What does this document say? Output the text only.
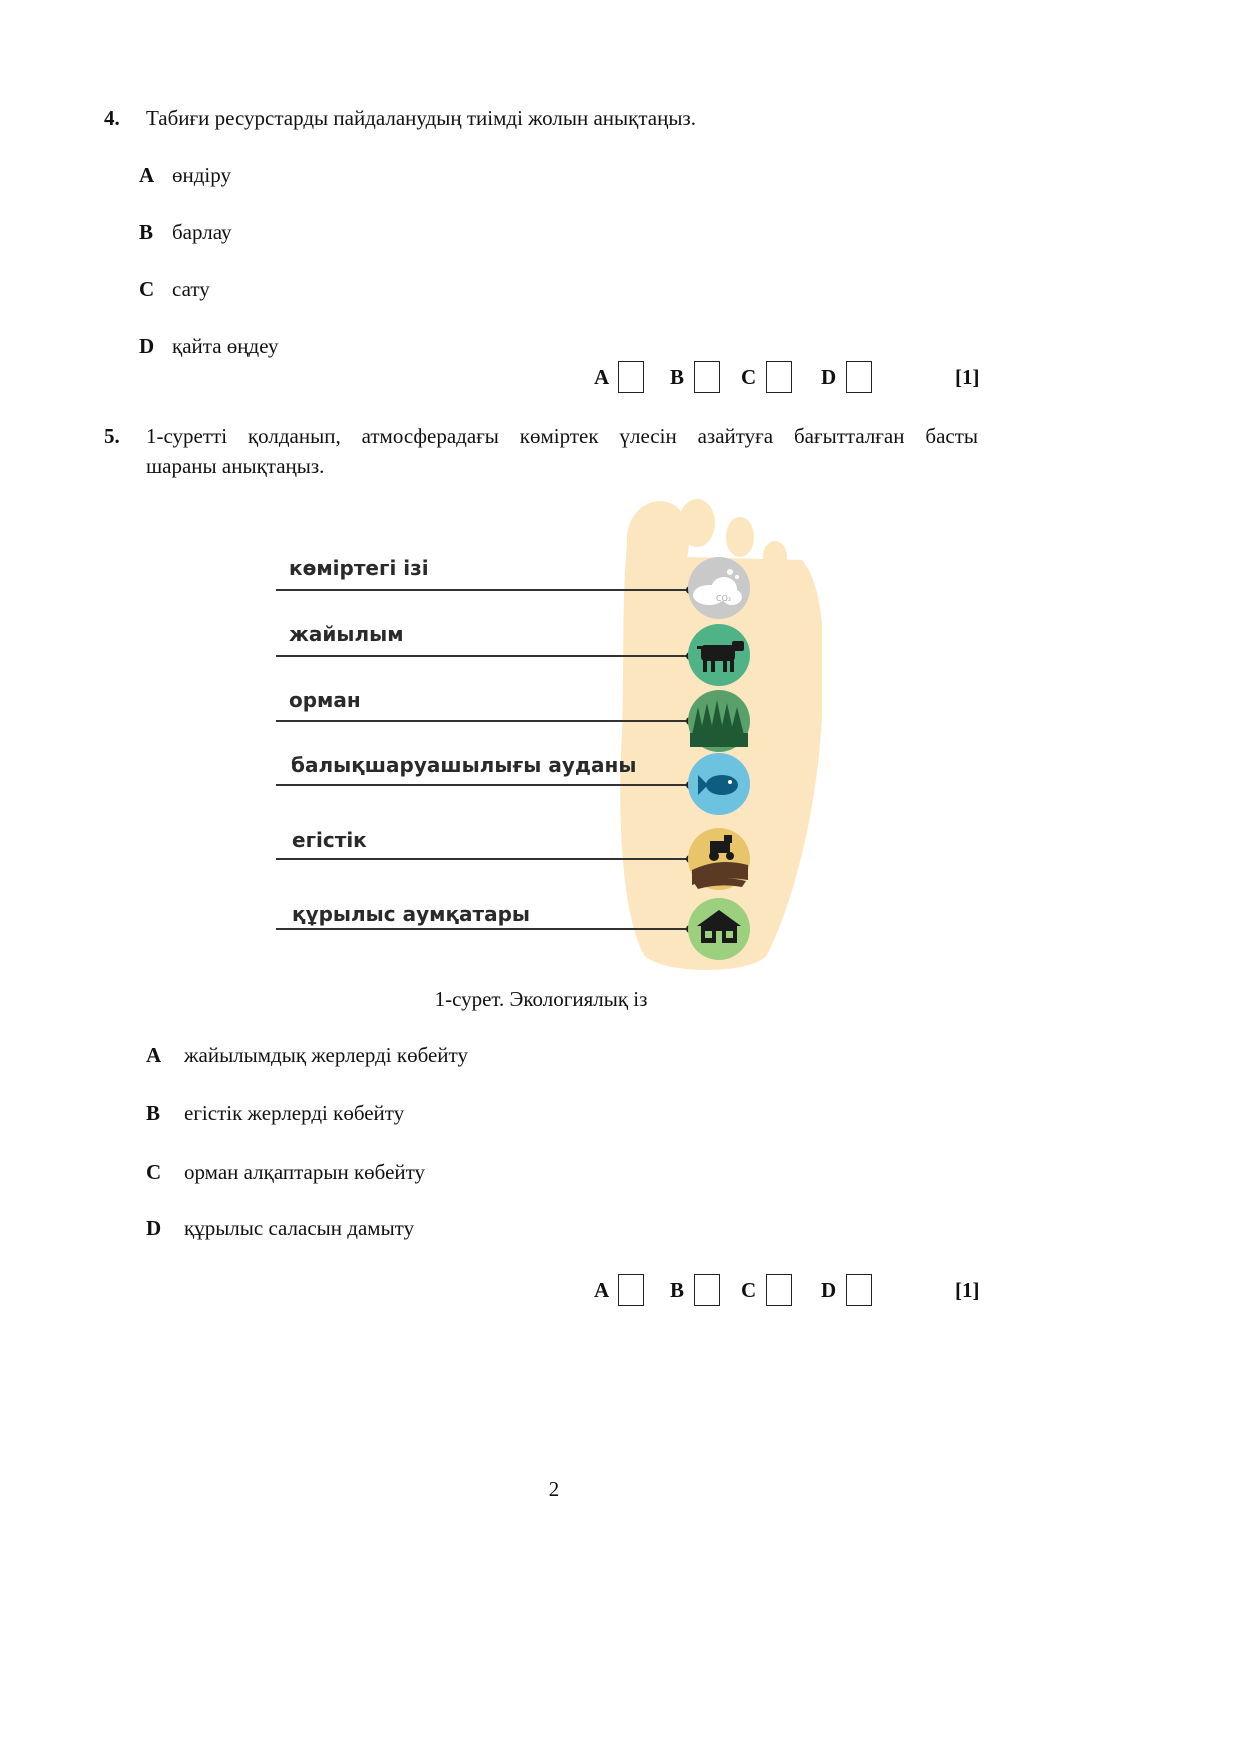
4. Табиғи ресурстарды пайдаланудың тиімді жолын анықтаңыз.
A өндіру
B барлау
C сату
D қайта өңдеу
A	B	C	D	[1]
5. 1-суретті қолданып, атмосферадағы көміртек үлесін азайтуға бағытталған басты
шараны анықтаңыз.
көміртегі ізі
CO₂
жайылым
орман
балықшаруашылығы ауданы
егістік
құрылыс аумқатары
1-сурет. Экологиялық із
A жайылымдық жерлерді көбейту
B егістік жерлерді көбейту
C орман алқаптарын көбейту
D құрылыс саласын дамыту
A	B	C	D	[1]
2
